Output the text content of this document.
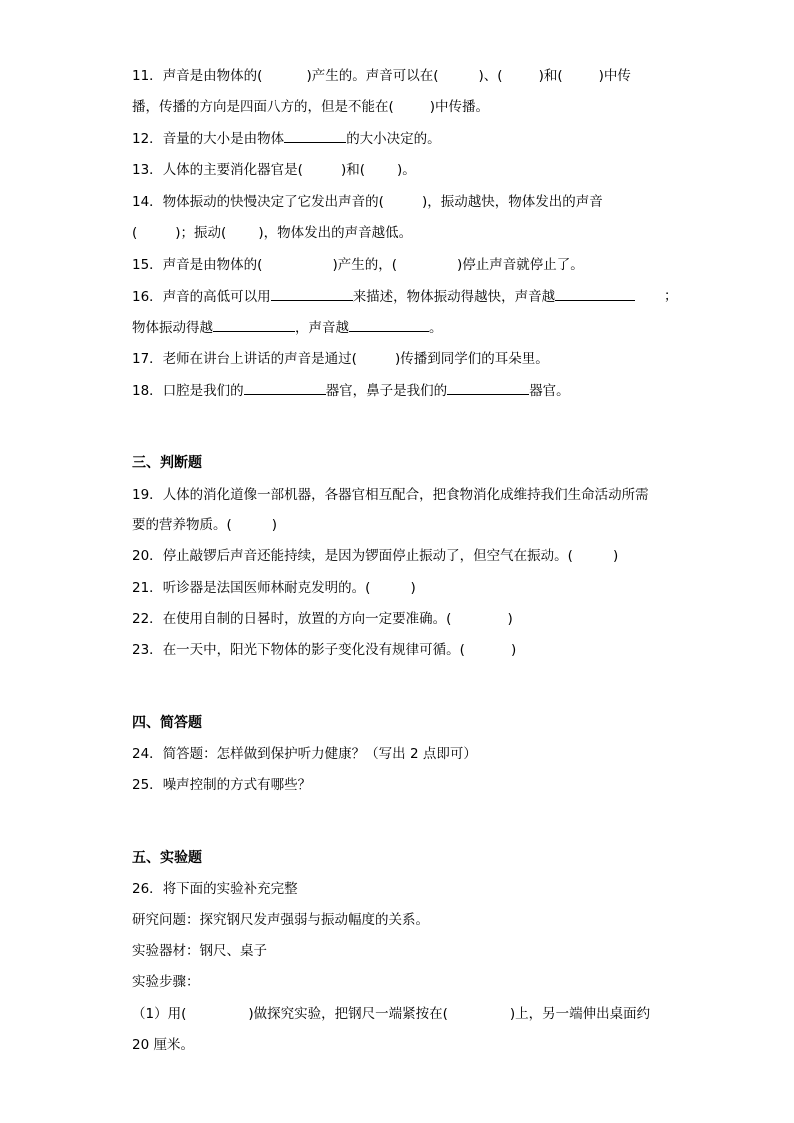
11．声音是由物体的(	)产生的。声音可以在(	)、(	)和(	)中传
播，传播的方向是四面八方的，但是不能在(	)中传播。
12．音量的大小是由物体	的大小决定的。
13．人体的主要消化器官是(	)和( )。
14．物体振动的快慢决定了它发出声音的(	)，振动越快，物体发出的声音
(	)；振动( )，物体发出的声音越低。
15．声音是由物体的(	)产生的，(	)停止声音就停止了。
16．声音的高低可以用	来描述，物体振动得越快，声音越	；
物体振动得越	，声音越	。
17．老师在讲台上讲话的声音是通过(	)传播到同学们的耳朵里。
18．口腔是我们的	器官，鼻子是我们的	器官。
三、判断题
19．人体的消化道像一部机器，各器官相互配合，把食物消化成维持我们生命活动所需
要的营养物质。(	)
20．停止敲锣后声音还能持续，是因为锣面停止振动了，但空气在振动。(	)
21．听诊器是法国医师林耐克发明的。(	)
22．在使用自制的日晷时，放置的方向一定要准确。(	)
23．在一天中，阳光下物体的影子变化没有规律可循。(	)
四、简答题
24．简答题：怎样做到保护听力健康？（写出 2 点即可）
25．噪声控制的方式有哪些？
五、实验题
26．将下面的实验补充完整
研究问题：探究钢尺发声强弱与振动幅度的关系。
实验器材：钢尺、桌子
实验步骤：
（1）用(	)做探究实验，把钢尺一端紧按在(	)上，另一端伸出桌面约
20 厘米。
